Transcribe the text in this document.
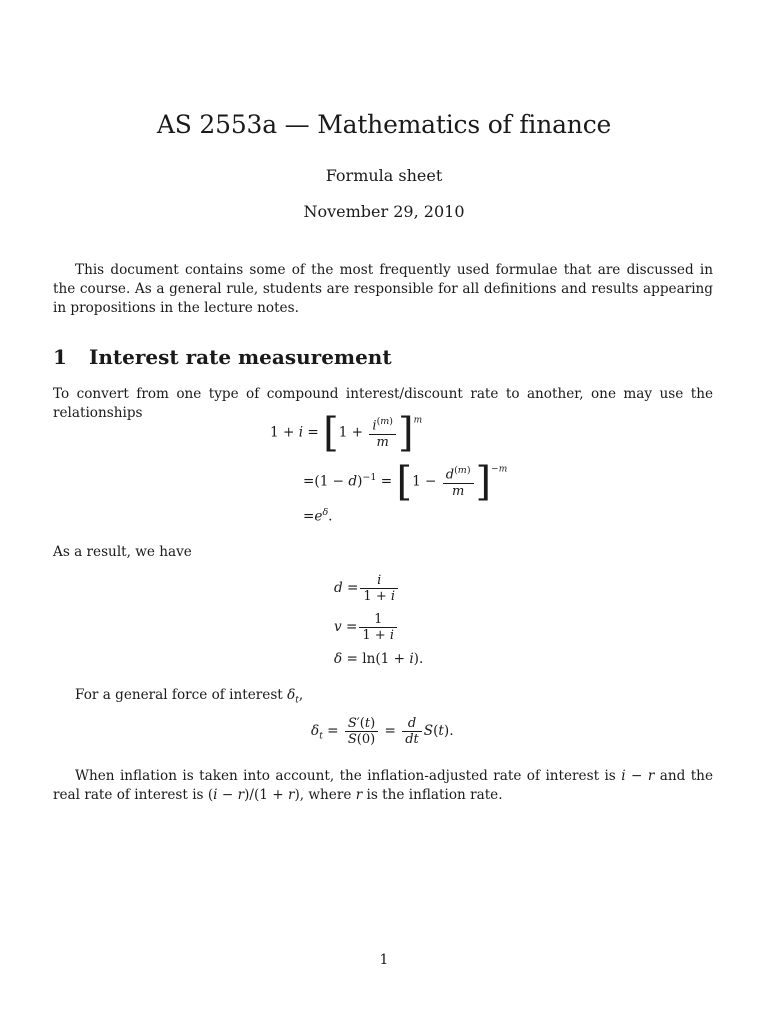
AS 2553a — Mathematics of finance
Formula sheet
November 29, 2010
This document contains some of the most frequently used formulae that are discussed in the course. As a general rule, students are responsible for all definitions and results appearing in propositions in the lecture notes.
1 Interest rate measurement
To convert from one type of compound interest/discount rate to another, one may use the relationships
$1 + i = [1 + \frac{i^{(m)}}{m} ]^m$
$=(1 - d)^{-1} = [1 - \frac{d^{(m)}}{m} ]^{-m}$
$=e^\delta$.
As a result, we have
$d = \frac{i}{1 + i}$
$v = \frac{1}{1 + i}$
δ = ln(1 + i).
For a general force of interest $\delta_t$,
$\delta_t = \frac{S'(t)}{S(0)} = \frac{d}{dt} S(t)$.
When inflation is taken into account, the inflation-adjusted rate of interest is i − r and the real rate of interest is (i − r)/(1 + r), where r is the inflation rate.
1
